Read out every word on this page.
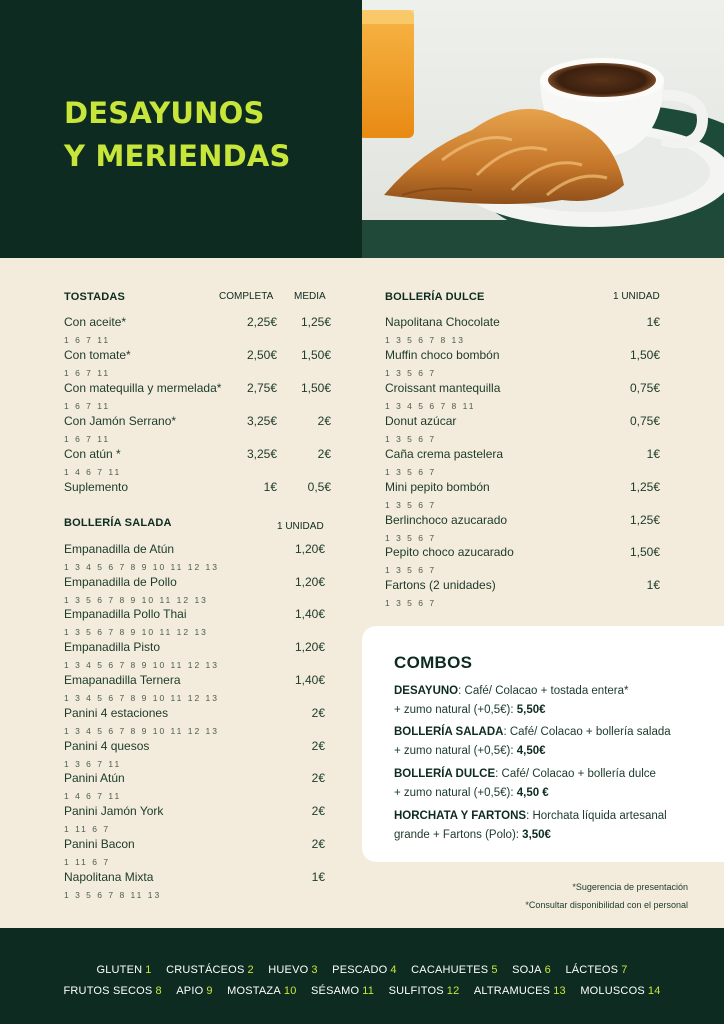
DESAYUNOS
Y MERIENDAS
TOSTADAS	COMPLETA MEDIA
Con aceite*
1 6 7 11
2,25€ 1,25€
Con tomate*
1 6 7 11
2,50€ 1,50€
Con matequilla y mermelada*
1 6 7 11
2,75€ 1,50€
Con Jamón Serrano*
1 6 7 11
3,25€	2€
Con atún *
1 4 6 7 11
3,25€	2€
Suplemento	1€	0,5€
BOLLERÍA SALADA	1 UNIDAD
Empanadilla de Atún
1 3 4 5 6 7 8 9 10 11 12 13
1,20€
Empanadilla de Pollo
1 3 5 6 7 8 9 10 11 12 13
1,20€
Empanadilla Pollo Thai
1 3 5 6 7 8 9 10 11 12 13
1,40€
Empanadilla Pisto
1 3 4 5 6 7 8 9 10 11 12 13
1,20€
Emapanadilla Ternera
1 3 4 5 6 7 8 9 10 11 12 13
1,40€
Panini 4 estaciones
1 3 4 5 6 7 8 9 10 11 12 13
2€
Panini 4 quesos
1 3 6 7 11
2€
Panini Atún
1 4 6 7 11
2€
Panini Jamón York
1 11 6 7
2€
Panini Bacon
1 11 6 7
2€
Napolitana Mixta
1 3 5 6 7 8 11 13
1€
BOLLERÍA DULCE	1 UNIDAD
Napolitana Chocolate
1 3 5 6 7 8 13
1€
Muffin choco bombón
1 3 5 6 7
1,50€
Croissant mantequilla
1 3 4 5 6 7 8 11
0,75€
Donut azúcar
1 3 5 6 7
0,75€
Caña crema pastelera
1 3 5 6 7
1€
Mini pepito bombón
1 3 5 6 7
1,25€
Berlinchoco azucarado
1 3 5 6 7
1,25€
Pepito choco azucarado
1 3 5 6 7
1,50€
Fartons (2 unidades)
1 3 5 6 7
1€
COMBOS
DESAYUNO: Café/ Colacao + tostada entera*
+ zumo natural (+0,5€): 5,50€
BOLLERÍA SALADA: Café/ Colacao + bollería salada
+ zumo natural (+0,5€): 4,50€
BOLLERÍA DULCE: Café/ Colacao + bollería dulce
+ zumo natural (+0,5€): 4,50 €
HORCHATA Y FARTONS: Horchata líquida artesanal
grande + Fartons (Polo): 3,50€
*Sugerencia de presentación
*Consultar disponibilidad con el personal
GLUTEN 1 CRUSTÁCEOS 2 HUEVO 3 PESCADO 4 CACAHUETES 5 SOJA 6 LÁCTEOS 7
FRUTOS SECOS 8 APIO 9 MOSTAZA 10 SÉSAMO 11 SULFITOS 12 ALTRAMUCES 13 MOLUSCOS 14
